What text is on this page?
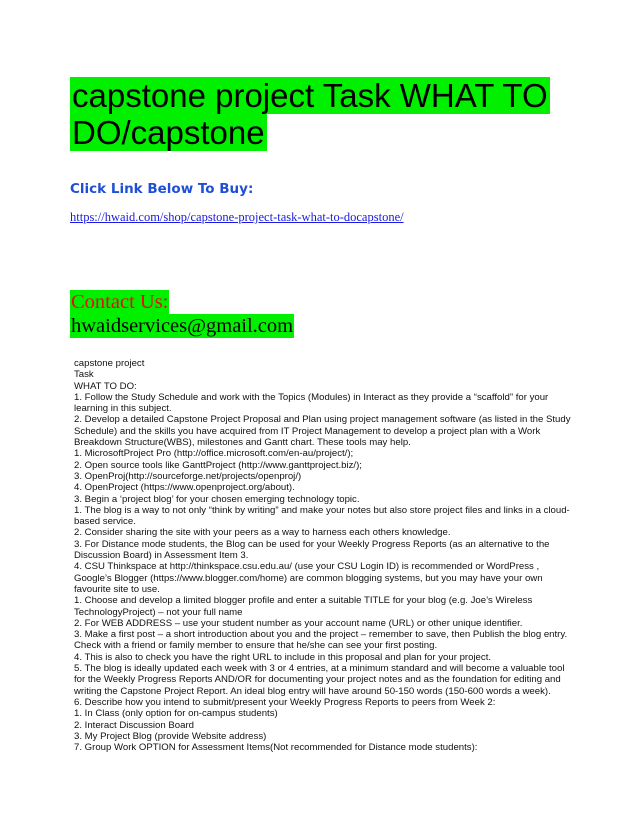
capstone project Task WHAT TO
DO/capstone
Click Link Below To Buy:
https://hwaid.com/shop/capstone-project-task-what-to-docapstone/
Contact Us:
hwaidservices@gmail.com
capstone project
Task
WHAT TO DO:
1. Follow the Study Schedule and work with the Topics (Modules) in Interact as they provide a “scaffold” for your
learning in this subject.
2. Develop a detailed Capstone Project Proposal and Plan using project management software (as listed in the Study
Schedule) and the skills you have acquired from IT Project Management to develop a project plan with a Work
Breakdown Structure(WBS), milestones and Gantt chart. These tools may help.
1. MicrosoftProject Pro (http://office.microsoft.com/en-au/project/);
2. Open source tools like GanttProject (http://www.ganttproject.biz/);
3. OpenProj(http://sourceforge.net/projects/openproj/)
4. OpenProject (https://www.openproject.org/about).
3. Begin a ‘project blog’ for your chosen emerging technology topic.
1. The blog is a way to not only “think by writing” and make your notes but also store project files and links in a cloud-
based service.
2. Consider sharing the site with your peers as a way to harness each others knowledge.
3. For Distance mode students, the Blog can be used for your Weekly Progress Reports (as an alternative to the
Discussion Board) in Assessment Item 3.
4. CSU Thinkspace at http://thinkspace.csu.edu.au/ (use your CSU Login ID) is recommended or WordPress ,
Google’s Blogger (https://www.blogger.com/home) are common blogging systems, but you may have your own
favourite site to use.
1. Choose and develop a limited blogger profile and enter a suitable TITLE for your blog (e.g. Joe’s Wireless
TechnologyProject) – not your full name
2. For WEB ADDRESS – use your student number as your account name (URL) or other unique identifier.
3. Make a first post – a short introduction about you and the project – remember to save, then Publish the blog entry.
Check with a friend or family member to ensure that he/she can see your first posting.
4. This is also to check you have the right URL to include in this proposal and plan for your project.
5. The blog is ideally updated each week with 3 or 4 entries, at a minimum standard and will become a valuable tool
for the Weekly Progress Reports AND/OR for documenting your project notes and as the foundation for editing and
writing the Capstone Project Report. An ideal blog entry will have around 50-150 words (150-600 words a week).
6. Describe how you intend to submit/present your Weekly Progress Reports to peers from Week 2:
1. In Class (only option for on-campus students)
2. Interact Discussion Board
3. My Project Blog (provide Website address)
7. Group Work OPTION for Assessment Items(Not recommended for Distance mode students):
